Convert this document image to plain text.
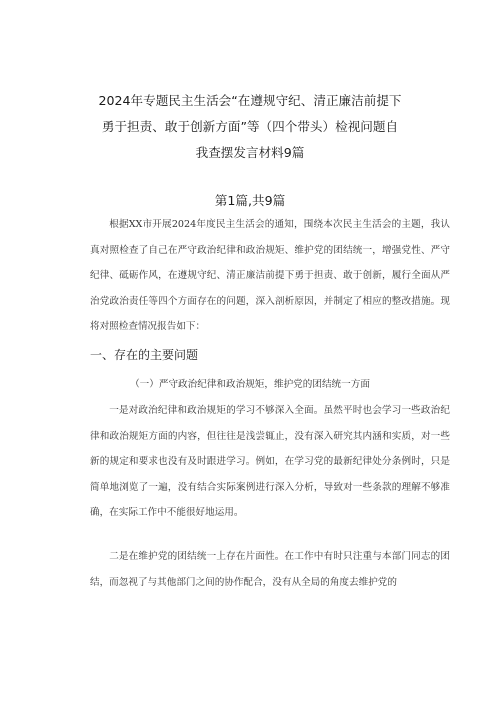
2024年专题民主生活会“在遵规守纪、清正廉洁前提下
勇于担责、敢于创新方面”等（四个带头）检视问题自
我查摆发言材料9篇
第1篇,共9篇

根据XX市开展2024年度民主生活会的通知，围绕本次民主生活会的主题，我认真对照检查了自己在严守政治纪律和政治规矩、维护党的团结统一，增强党性、严守纪律、砥砺作风，在遵规守纪、清正廉洁前提下勇于担责、敢于创新，履行全面从严治党政治责任等四个方面存在的问题，深入剖析原因，并制定了相应的整改措施。现将对照检查情况报告如下：

一、存在的主要问题
（一）严守政治纪律和政治规矩，维护党的团结统一方面

一是对政治纪律和政治规矩的学习不够深入全面。虽然平时也会学习一些政治纪律和政治规矩方面的内容，但往往是浅尝辄止，没有深入研究其内涵和实质，对一些新的规定和要求也没有及时跟进学习。例如，在学习党的最新纪律处分条例时，只是简单地浏览了一遍，没有结合实际案例进行深入分析，导致对一些条款的理解不够准确，在实际工作中不能很好地运用。

二是在维护党的团结统一上存在片面性。在工作中有时只注重与本部门同志的团结，而忽视了与其他部门之间的协作配合，没有从全局的角度去维护党的
